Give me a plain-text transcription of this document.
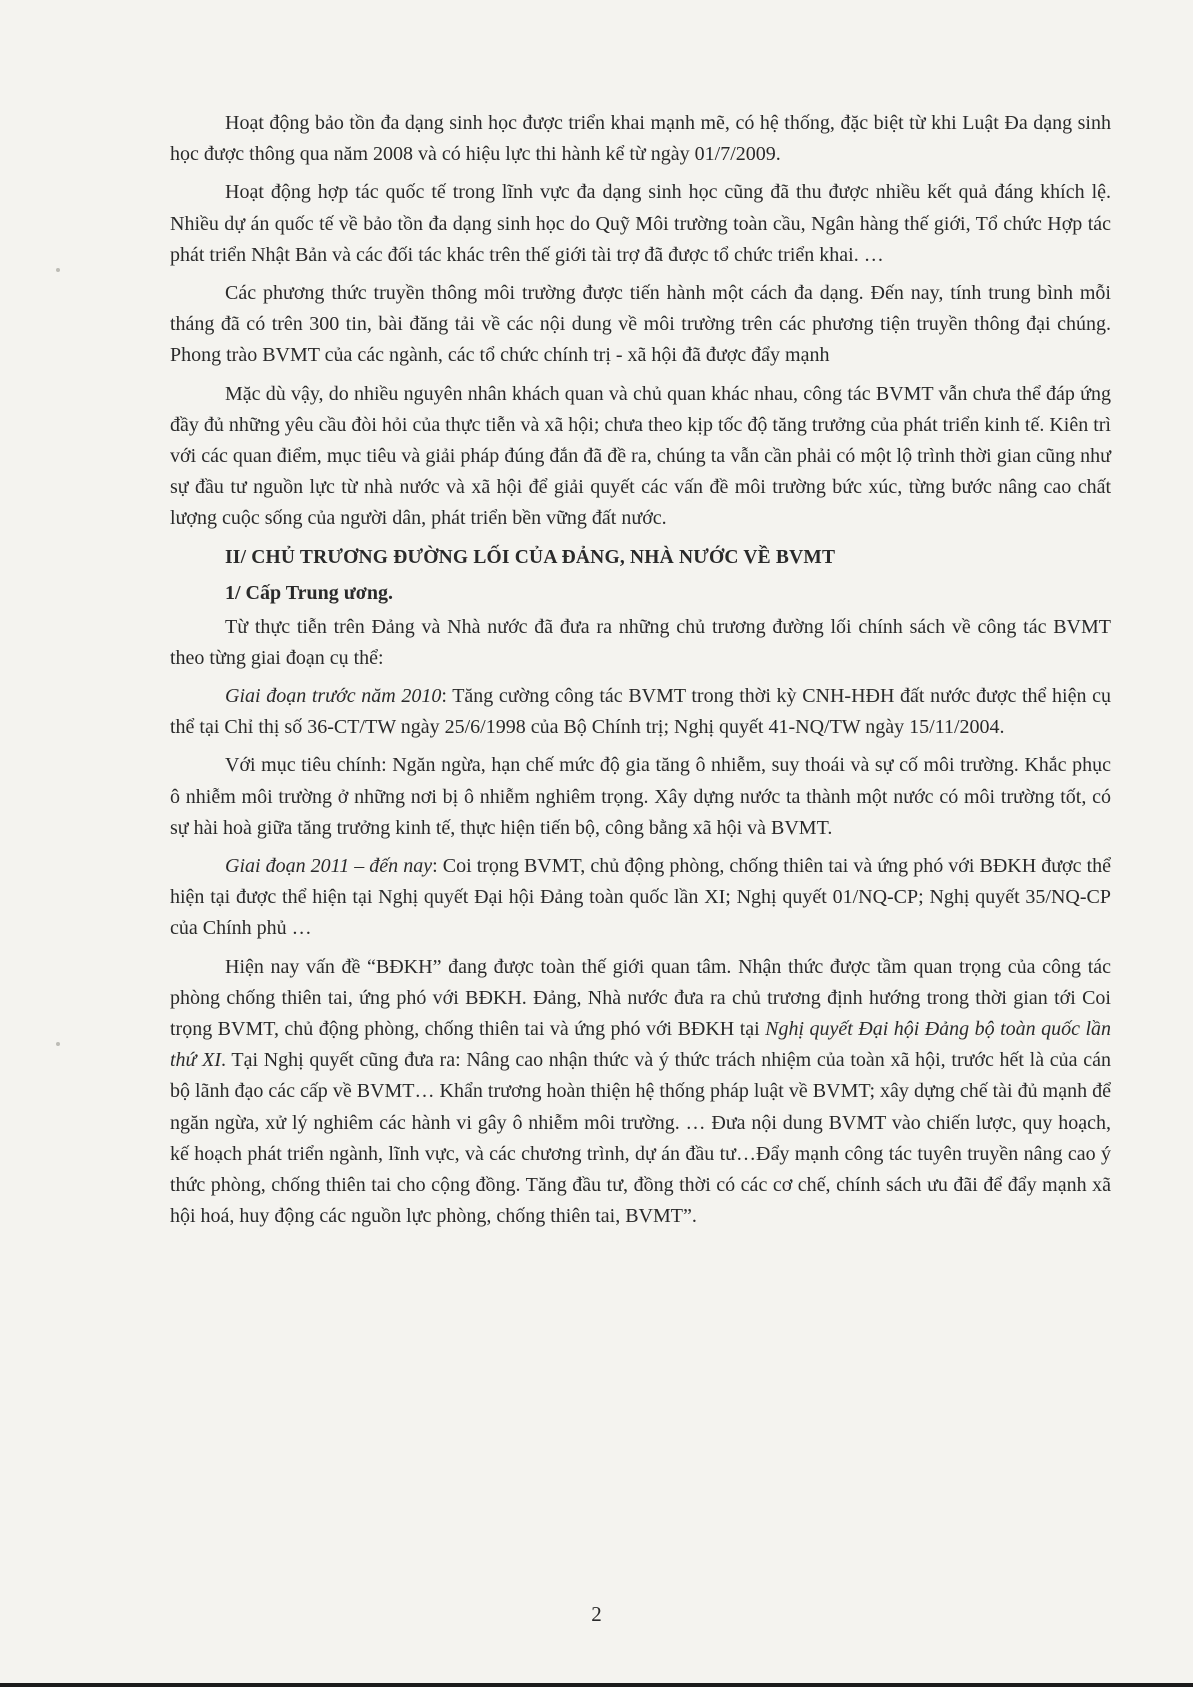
Hoạt động bảo tồn đa dạng sinh học được triển khai mạnh mẽ, có hệ thống, đặc biệt từ khi Luật Đa dạng sinh học được thông qua năm 2008 và có hiệu lực thi hành kể từ ngày 01/7/2009.

Hoạt động hợp tác quốc tế trong lĩnh vực đa dạng sinh học cũng đã thu được nhiều kết quả đáng khích lệ. Nhiều dự án quốc tế về bảo tồn đa dạng sinh học do Quỹ Môi trường toàn cầu, Ngân hàng thế giới, Tổ chức Hợp tác phát triển Nhật Bản và các đối tác khác trên thế giới tài trợ đã được tổ chức triển khai. …

Các phương thức truyền thông môi trường được tiến hành một cách đa dạng. Đến nay, tính trung bình mỗi tháng đã có trên 300 tin, bài đăng tải về các nội dung về môi trường trên các phương tiện truyền thông đại chúng. Phong trào BVMT của các ngành, các tổ chức chính trị - xã hội đã được đẩy mạnh

Mặc dù vậy, do nhiều nguyên nhân khách quan và chủ quan khác nhau, công tác BVMT vẫn chưa thể đáp ứng đầy đủ những yêu cầu đòi hỏi của thực tiễn và xã hội; chưa theo kịp tốc độ tăng trưởng của phát triển kinh tế. Kiên trì với các quan điểm, mục tiêu và giải pháp đúng đắn đã đề ra, chúng ta vẫn cần phải có một lộ trình thời gian cũng như sự đầu tư nguồn lực từ nhà nước và xã hội để giải quyết các vấn đề môi trường bức xúc, từng bước nâng cao chất lượng cuộc sống của người dân, phát triển bền vững đất nước.

II/ CHỦ TRƯƠNG ĐƯỜNG LỐI CỦA ĐẢNG, NHÀ NƯỚC VỀ BVMT
1/ Cấp Trung ương.

Từ thực tiễn trên Đảng và Nhà nước đã đưa ra những chủ trương đường lối chính sách về công tác BVMT theo từng giai đoạn cụ thể:

Giai đoạn trước năm 2010: Tăng cường công tác BVMT trong thời kỳ CNH-HĐH đất nước được thể hiện cụ thể tại Chỉ thị số 36-CT/TW ngày 25/6/1998 của Bộ Chính trị; Nghị quyết 41-NQ/TW ngày 15/11/2004.

Với mục tiêu chính: Ngăn ngừa, hạn chế mức độ gia tăng ô nhiễm, suy thoái và sự cố môi trường. Khắc phục ô nhiễm môi trường ở những nơi bị ô nhiễm nghiêm trọng. Xây dựng nước ta thành một nước có môi trường tốt, có sự hài hoà giữa tăng trưởng kinh tế, thực hiện tiến bộ, công bằng xã hội và BVMT.

Giai đoạn 2011 – đến nay: Coi trọng BVMT, chủ động phòng, chống thiên tai và ứng phó với BĐKH được thể hiện tại được thể hiện tại Nghị quyết Đại hội Đảng toàn quốc lần XI; Nghị quyết 01/NQ-CP; Nghị quyết 35/NQ-CP của Chính phủ …

Hiện nay vấn đề “BĐKH” đang được toàn thế giới quan tâm. Nhận thức được tầm quan trọng của công tác phòng chống thiên tai, ứng phó với BĐKH. Đảng, Nhà nước đưa ra chủ trương định hướng trong thời gian tới Coi trọng BVMT, chủ động phòng, chống thiên tai và ứng phó với BĐKH tại Nghị quyết Đại hội Đảng bộ toàn quốc lần thứ XI. Tại Nghị quyết cũng đưa ra: Nâng cao nhận thức và ý thức trách nhiệm của toàn xã hội, trước hết là của cán bộ lãnh đạo các cấp về BVMT… Khẩn trương hoàn thiện hệ thống pháp luật về BVMT; xây dựng chế tài đủ mạnh để ngăn ngừa, xử lý nghiêm các hành vi gây ô nhiễm môi trường. … Đưa nội dung BVMT vào chiến lược, quy hoạch, kế hoạch phát triển ngành, lĩnh vực, và các chương trình, dự án đầu tư…Đẩy mạnh công tác tuyên truyền nâng cao ý thức phòng, chống thiên tai cho cộng đồng. Tăng đầu tư, đồng thời có các cơ chế, chính sách ưu đãi để đẩy mạnh xã hội hoá, huy động các nguồn lực phòng, chống thiên tai, BVMT”.

2
